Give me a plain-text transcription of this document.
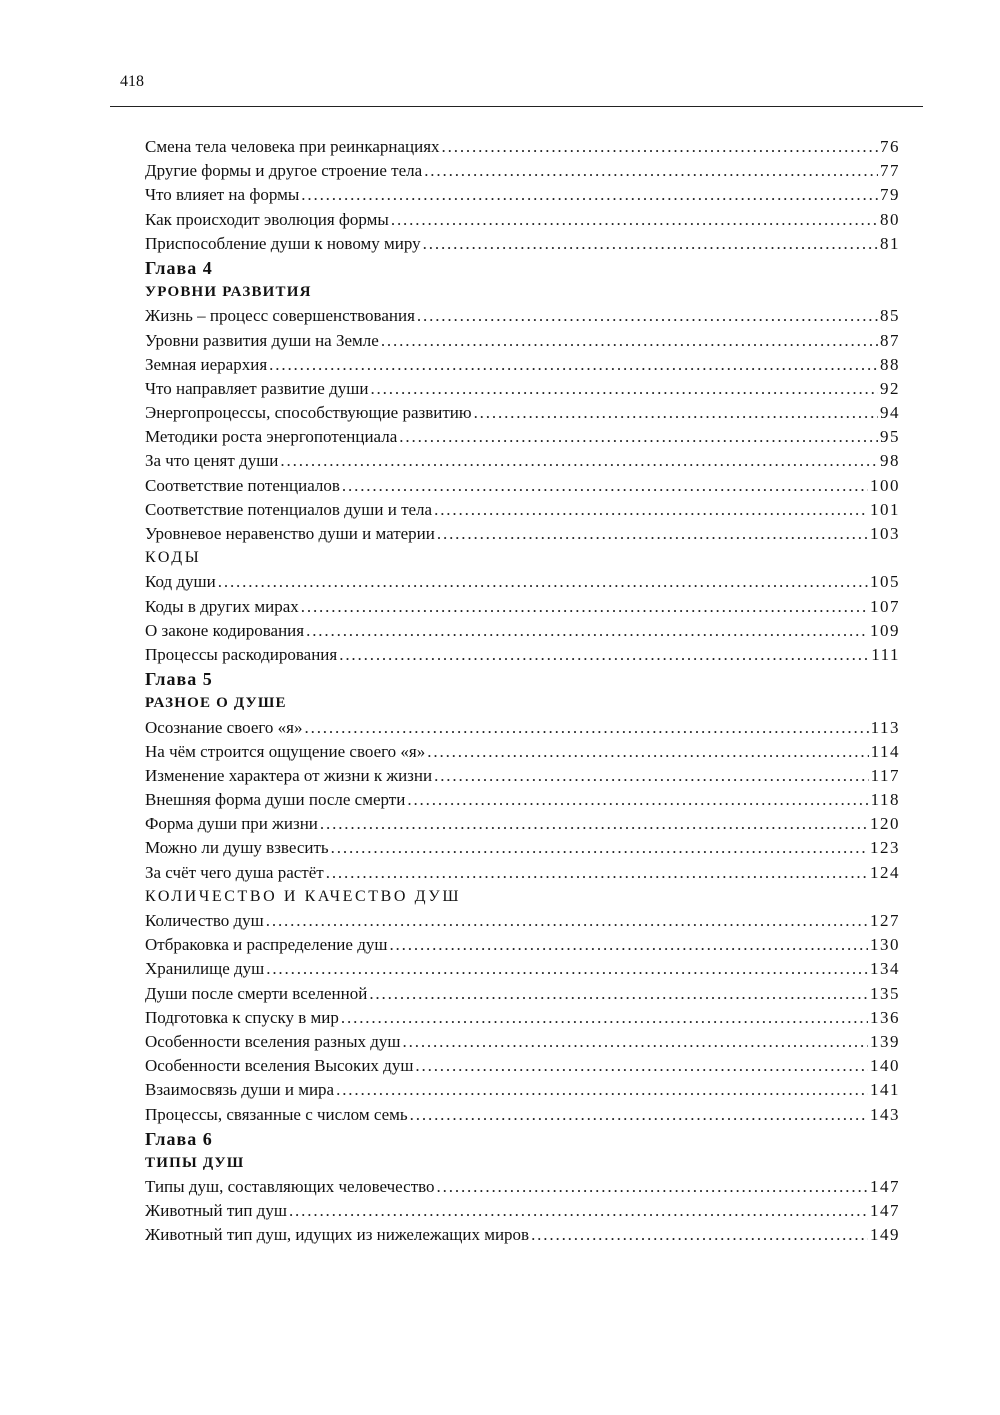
418
Смена тела человека при реинкарнациях . . .	76
Другие формы и другое строение тела . . .	77
Что влияет на формы . . .	79
Как происходит эволюция формы . . .	80
Приспособление души к новому миру . . .	81
Глава 4
УРОВНИ РАЗВИТИЯ
Жизнь – процесс совершенствования . . .	85
Уровни развития души на Земле . . .	87
Земная иерархия . . .	88
Что направляет развитие души . . .	92
Энергопроцессы, способствующие развитию . . .	94
Методики роста энергопотенциала . . .	95
За что ценят души . . .	98
Соответствие потенциалов . . .	100
Соответствие потенциалов души и тела . . .	101
Уровневое неравенство души и материи . . .	103
КОДЫ
Код души . . .	105
Коды в других мирах . . .	107
О законе кодирования . . .	109
Процессы раскодирования . . .	111
Глава 5
РАЗНОЕ О ДУШЕ
Осознание своего «я» . . .	113
На чём строится ощущение своего «я» . . .	114
Изменение характера от жизни к жизни . . .	117
Внешняя форма души после смерти . . .	118
Форма души при жизни . . .	120
Можно ли душу взвесить . . .	123
За счёт чего душа растёт . . .	124
КОЛИЧЕСТВО И КАЧЕСТВО ДУШ
Количество душ . . .	127
Отбраковка и распределение душ . . .	130
Хранилище душ . . .	134
Души после смерти вселенной . . .	135
Подготовка к спуску в мир . . .	136
Особенности вселения разных душ . . .	139
Особенности вселения Высоких душ . . .	140
Взаимосвязь души и мира . . .	141
Процессы, связанные с числом семь . . .	143
Глава 6
ТИПЫ ДУШ
Типы душ, составляющих человечество . . .	147
Животный тип душ . . .	147
Животный тип душ, идущих из нижележащих миров . . .	149
